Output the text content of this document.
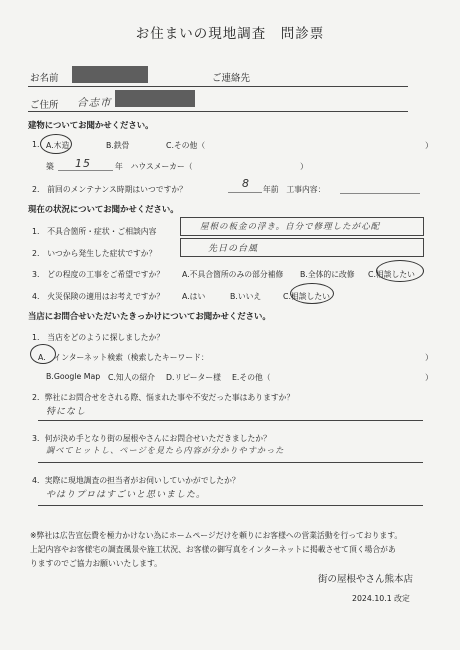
お住まいの現地調査　問診票
お名前	ご連絡先
ご住所 合志市
建物についてお聞かせください。
1. A.木造	B.鉄骨	C.その他（	）
築 15	年　ハウスメーカー（	）
2.　前回のメンテナンス時期はいつですか？	8 年前　工事内容：
現在の状況についてお聞かせください。
1.　不具合箇所・症状・ご相談内容	屋根の板金の浮き。自分で修理したが心配
2.　いつから発生した症状ですか？	先日の台風
3.　どの程度の工事をご希望ですか？ A.不具合箇所のみの部分補修 B.全体的に改修 C.相談したい
4.　火災保険の適用はお考えですか？ A.はい	B.いいえ	C.相談したい
当店にお問合せいただいたきっかけについてお聞かせください。
1.　当店をどのように探しましたか？
A.　インターネット検索（検索したキーワード：	）
B.Google Map C.知人の紹介 D.リピーター様 E.その他（	）
2．弊社にお問合せをされる際、悩まれた事や不安だった事はありますか？
特になし
3．何が決め手となり街の屋根やさんにお問合せいただきましたか？
調べてヒットし、ページを見たら内容が分かりやすかった
4．実際に現地調査の担当者がお伺いしていかがでしたか？
やはりプロはすごいと思いました。
※弊社は広告宣伝費を極力かけない為にホームページだけを頼りにお客様への営業活動を行っております。
上記内容やお客様宅の調査風景や施工状況、お客様の御写真をインターネットに掲載させて頂く場合があ
りますのでご協力お願いいたします。
街の屋根やさん熊本店
2024.10.1 改定
